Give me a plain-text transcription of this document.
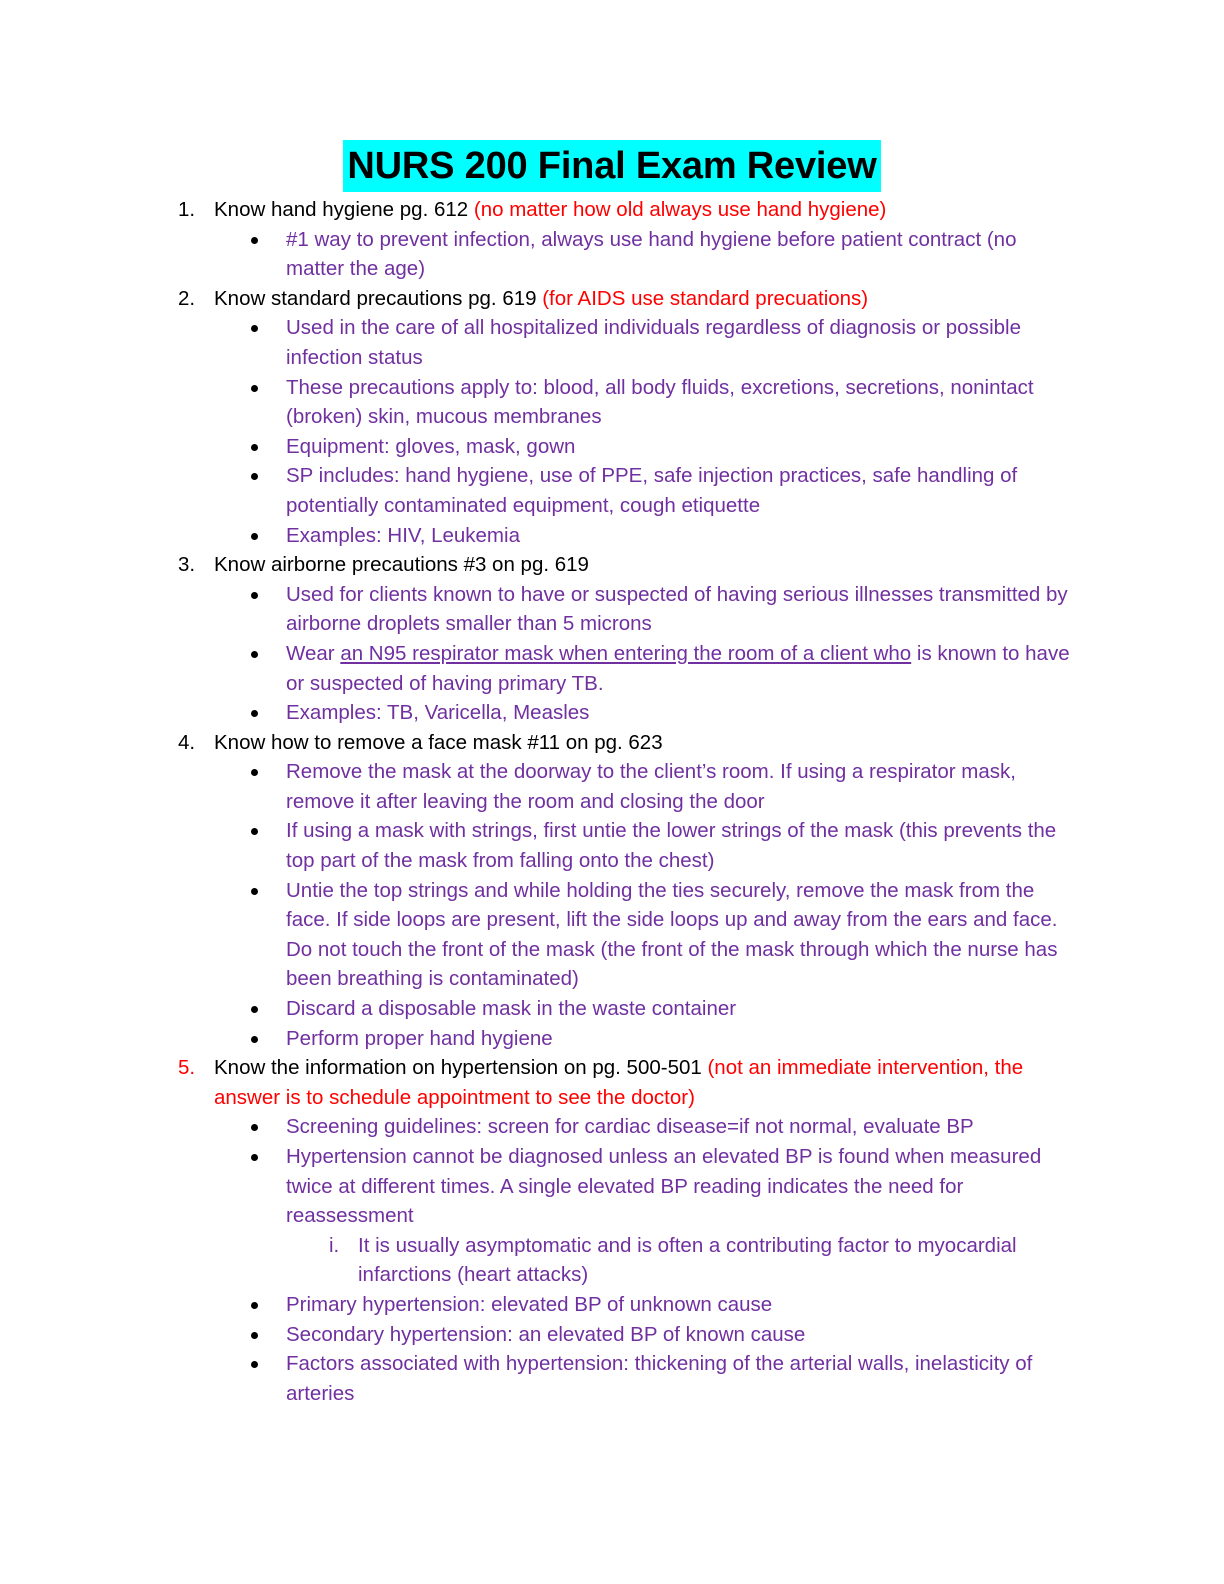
NURS 200 Final Exam Review
1. Know hand hygiene pg. 612 (no matter how old always use hand hygiene)
#1 way to prevent infection, always use hand hygiene before patient contract (no matter the age)
2. Know standard precautions pg. 619 (for AIDS use standard precuations)
Used in the care of all hospitalized individuals regardless of diagnosis or possible infection status
These precautions apply to: blood, all body fluids, excretions, secretions, nonintact (broken) skin, mucous membranes
Equipment: gloves, mask, gown
SP includes: hand hygiene, use of PPE, safe injection practices, safe handling of potentially contaminated equipment, cough etiquette
Examples: HIV, Leukemia
3. Know airborne precautions #3 on pg. 619
Used for clients known to have or suspected of having serious illnesses transmitted by airborne droplets smaller than 5 microns
Wear an N95 respirator mask when entering the room of a client who is known to have or suspected of having primary TB.
Examples: TB, Varicella, Measles
4. Know how to remove a face mask #11 on pg. 623
Remove the mask at the doorway to the client’s room. If using a respirator mask, remove it after leaving the room and closing the door
If using a mask with strings, first untie the lower strings of the mask (this prevents the top part of the mask from falling onto the chest)
Untie the top strings and while holding the ties securely, remove the mask from the face. If side loops are present, lift the side loops up and away from the ears and face. Do not touch the front of the mask (the front of the mask through which the nurse has been breathing is contaminated)
Discard a disposable mask in the waste container
Perform proper hand hygiene
5. Know the information on hypertension on pg. 500-501 (not an immediate intervention, the answer is to schedule appointment to see the doctor)
Screening guidelines: screen for cardiac disease=if not normal, evaluate BP
Hypertension cannot be diagnosed unless an elevated BP is found when measured twice at different times. A single elevated BP reading indicates the need for reassessment
i. It is usually asymptomatic and is often a contributing factor to myocardial infarctions (heart attacks)
Primary hypertension: elevated BP of unknown cause
Secondary hypertension: an elevated BP of known cause
Factors associated with hypertension: thickening of the arterial walls, inelasticity of arteries
